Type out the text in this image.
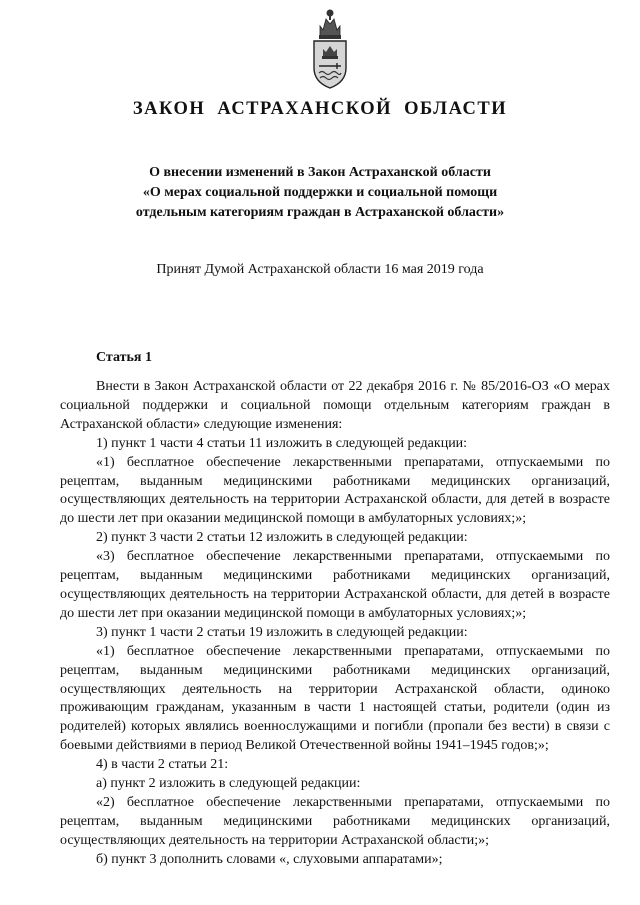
ЗАКОН АСТРАХАНСКОЙ ОБЛАСТИ
О внесении изменений в Закон Астраханской области
«О мерах социальной поддержки и социальной помощи
отдельным категориям граждан в Астраханской области»
Принят Думой Астраханской области 16 мая 2019 года
Статья 1

Внести в Закон Астраханской области от 22 декабря 2016 г. № 85/2016-ОЗ «О мерах социальной поддержки и социальной помощи отдельным категориям граждан в Астраханской области» следующие изменения:

1) пункт 1 части 4 статьи 11 изложить в следующей редакции:

«1) бесплатное обеспечение лекарственными препаратами, отпускаемыми по рецептам, выданным медицинскими работниками медицинских организаций, осуществляющих деятельность на территории Астраханской области, для детей в возрасте до шести лет при оказании медицинской помощи в амбулаторных условиях;»;

2) пункт 3 части 2 статьи 12 изложить в следующей редакции:

«3) бесплатное обеспечение лекарственными препаратами, отпускаемыми по рецептам, выданным медицинскими работниками медицинских организаций, осуществляющих деятельность на территории Астраханской области, для детей в возрасте до шести лет при оказании медицинской помощи в амбулаторных условиях;»;

3) пункт 1 части 2 статьи 19 изложить в следующей редакции:

«1) бесплатное обеспечение лекарственными препаратами, отпускаемыми по рецептам, выданным медицинскими работниками медицинских организаций, осуществляющих деятельность на территории Астраханской области, одиноко проживающим гражданам, указанным в части 1 настоящей статьи, родители (один из родителей) которых являлись военнослужащими и погибли (пропали без вести) в связи с боевыми действиями в период Великой Отечественной войны 1941–1945 годов;»;

4) в части 2 статьи 21:

а) пункт 2 изложить в следующей редакции:

«2) бесплатное обеспечение лекарственными препаратами, отпускаемыми по рецептам, выданным медицинскими работниками медицинских организаций, осуществляющих деятельность на территории Астраханской области;»;

б) пункт 3 дополнить словами «, слуховыми аппаратами»;
